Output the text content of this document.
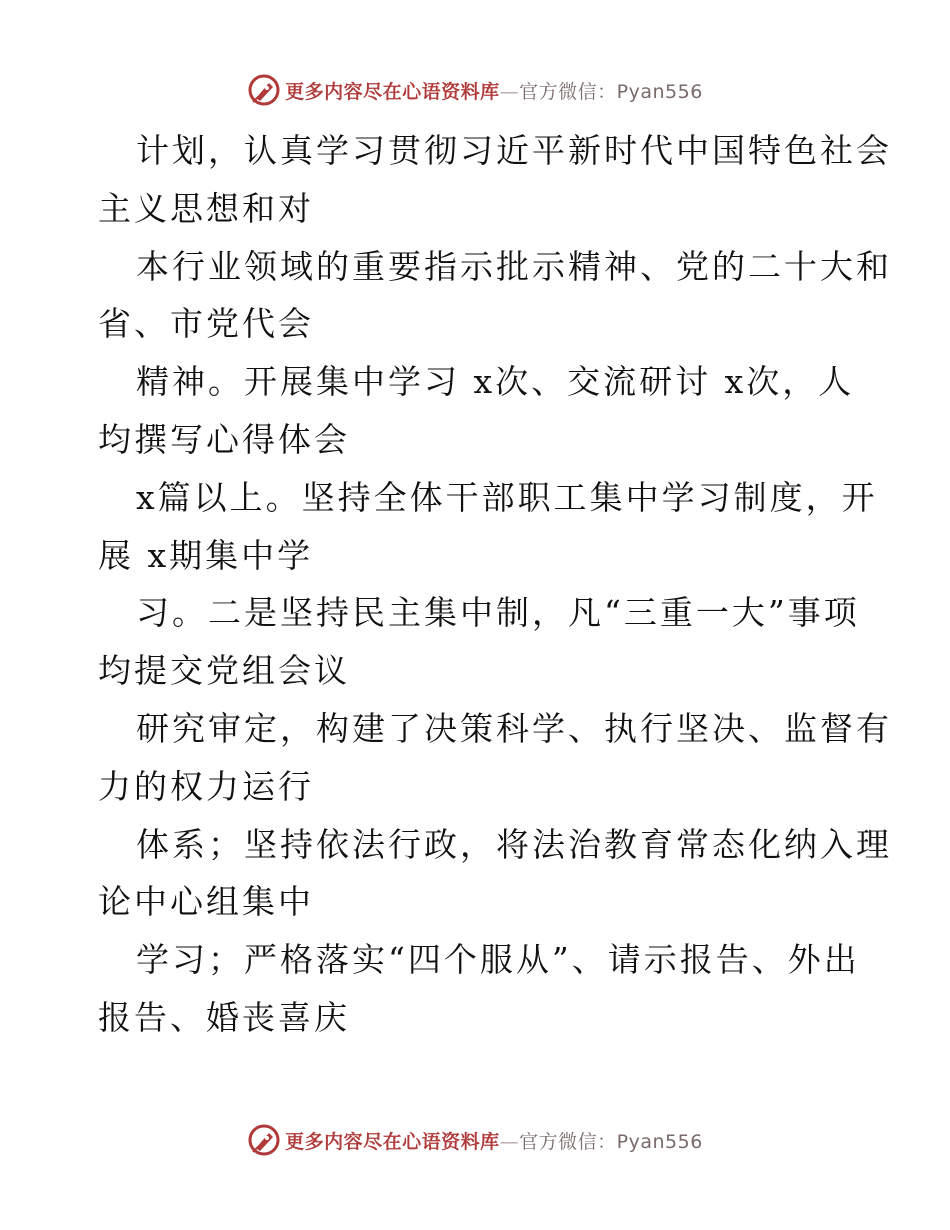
更多内容尽在心语资料库—官方微信：Pyan556
计划，认真学习贯彻习近平新时代中国特色社会
主义思想和对
本行业领域的重要指示批示精神、党的二十大和
省、市党代会
精神。开展集中学习 x次、交流研讨 x次，人
均撰写心得体会
x篇以上。坚持全体干部职工集中学习制度，开
展 x期集中学
习。二是坚持民主集中制，凡“三重一大”事项
均提交党组会议
研究审定，构建了决策科学、执行坚决、监督有
力的权力运行
体系；坚持依法行政，将法治教育常态化纳入理
论中心组集中
学习；严格落实“四个服从”、请示报告、外出
报告、婚丧喜庆
更多内容尽在心语资料库—官方微信：Pyan556
